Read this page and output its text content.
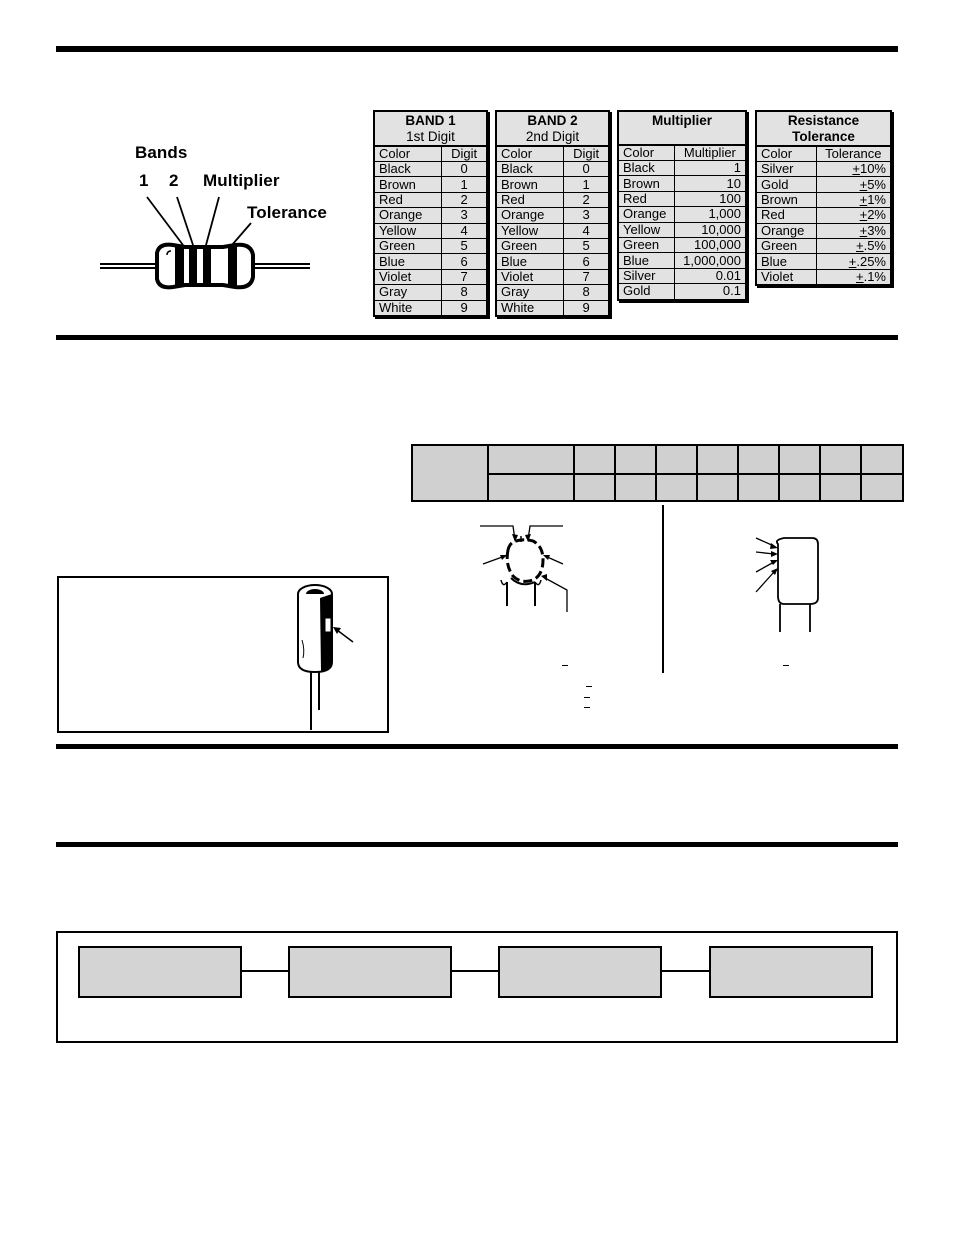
Bands
1 2 Multiplier
Tolerance
BAND 1
1st Digit
Color	Digit
Black	0
Brown	1
Red	2
Orange	3
Yellow	4
Green	5
Blue	6
Violet	7
Gray	8
White	9
BAND 2
2nd Digit
Color	Digit
Black	0
Brown	1
Red	2
Orange	3
Yellow	4
Green	5
Blue	6
Violet	7
Gray	8
White	9
Multiplier
Color	Multiplier
Black	1
Brown	10
Red	100
Orange	1,000
Yellow	10,000
Green	100,000
Blue	1,000,000
Silver	0.01
Gold	0.1
Resistance
Tolerance
Color	Tolerance
Silver	+10%
Gold	+5%
Brown	+1%
Red	+2%
Orange	+3%
Green	+.5%
Blue	+.25%
Violet	+.1%
